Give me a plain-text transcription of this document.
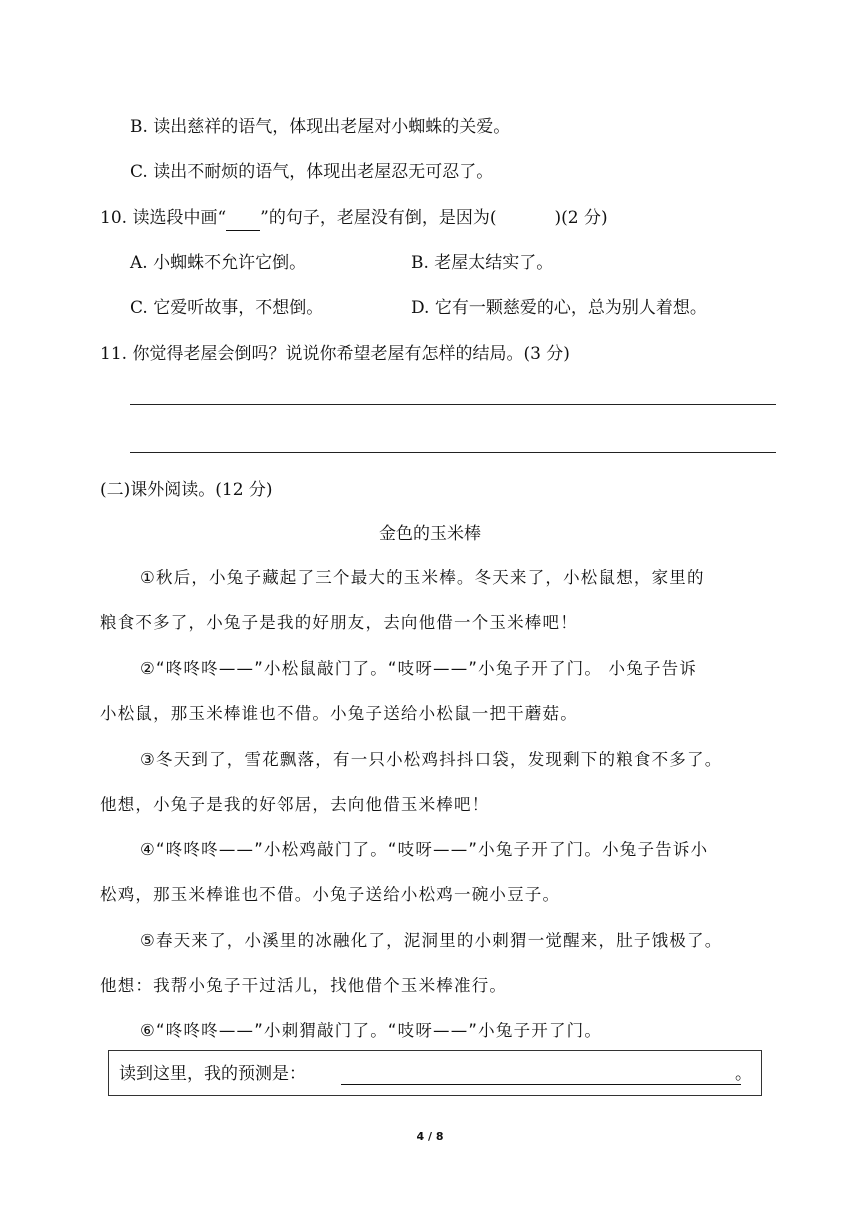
B. 读出慈祥的语气，体现出老屋对小蜘蛛的关爱。
C. 读出不耐烦的语气，体现出老屋忍无可忍了。
10. 读选段中画“ ”的句子，老屋没有倒，是因为(	)(2 分)
A. 小蜘蛛不允许它倒。	B. 老屋太结实了。
C. 它爱听故事，不想倒。	D. 它有一颗慈爱的心，总为别人着想。
11. 你觉得老屋会倒吗？说说你希望老屋有怎样的结局。(3 分)
(二)课外阅读。(12 分)
金色的玉米棒
①秋后，小兔子藏起了三个最大的玉米棒。冬天来了，小松鼠想，家里的
粮食不多了，小兔子是我的好朋友，去向他借一个玉米棒吧！
②“咚咚咚——”小松鼠敲门了。“吱呀——”小兔子开了门。 小兔子告诉
小松鼠，那玉米棒谁也不借。小兔子送给小松鼠一把干蘑菇。
③冬天到了，雪花飘落，有一只小松鸡抖抖口袋，发现剩下的粮食不多了。
他想，小兔子是我的好邻居，去向他借玉米棒吧！
④“咚咚咚——”小松鸡敲门了。“吱呀——”小兔子开了门。小兔子告诉小
松鸡，那玉米棒谁也不借。小兔子送给小松鸡一碗小豆子。
⑤春天来了，小溪里的冰融化了，泥洞里的小刺猬一觉醒来，肚子饿极了。
他想：我帮小兔子干过活儿，找他借个玉米棒准行。
⑥“咚咚咚——”小刺猬敲门了。“吱呀——”小兔子开了门。
读到这里，我的预测是：	。
4 / 8
